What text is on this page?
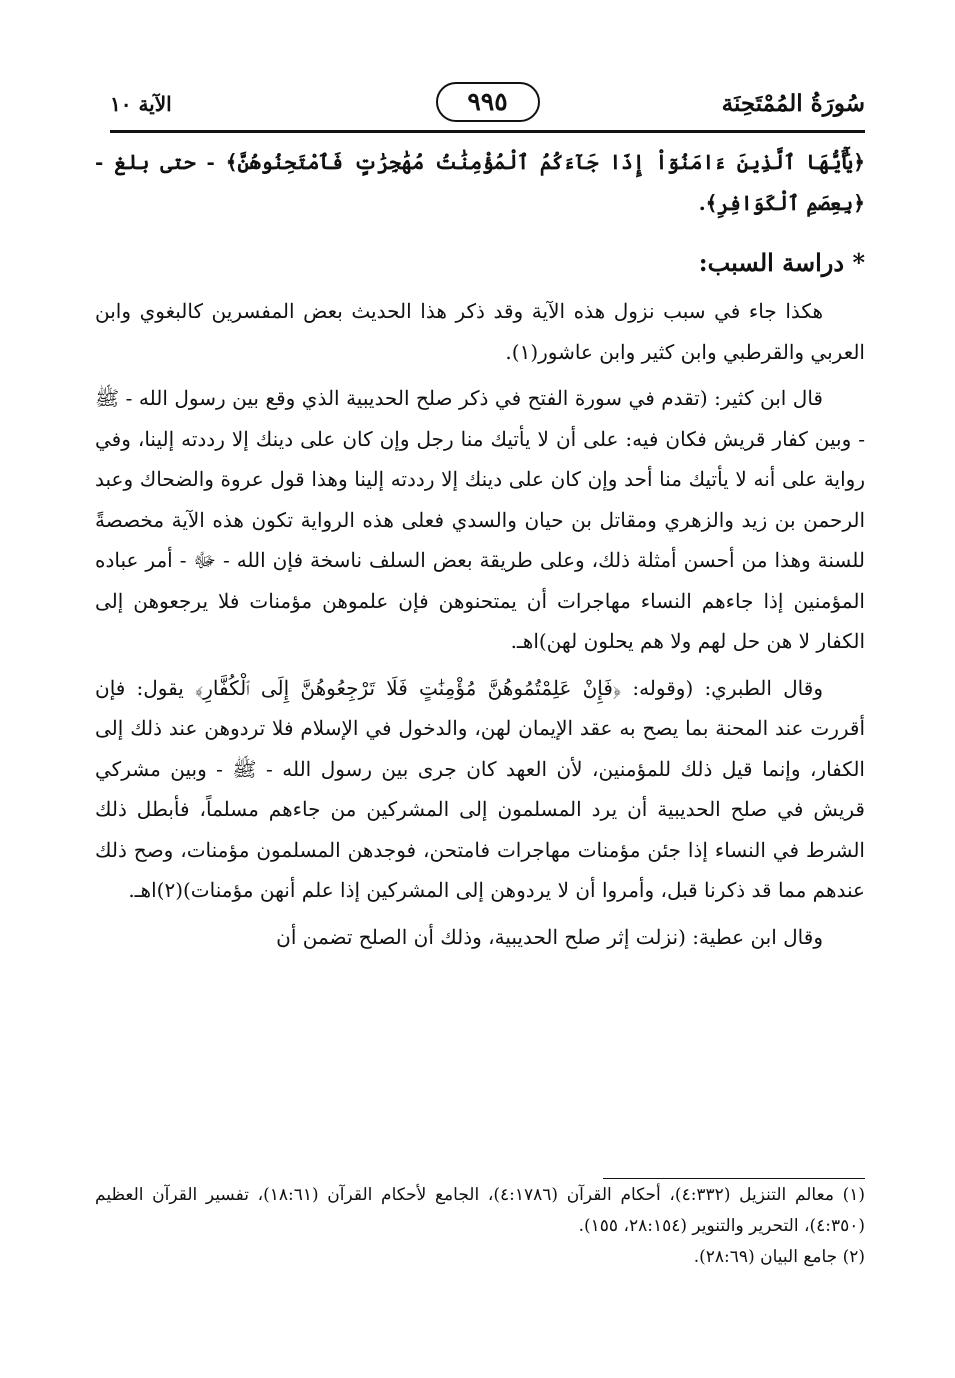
سُورَةُ المُمْتَحِنَة
٩٩٥
الآية ١٠

﴿يَٰٓأَيُّهَا ٱلَّذِينَ ءَامَنُوٓاْ إِذَا جَآءَكُمُ ٱلْمُؤْمِنَٰتُ مُهَٰجِرَٰتٍ فَٱمْتَحِنُوهُنَّ﴾ - حتى بلغ - ﴿بِعِصَمِ ٱلْكَوَافِرِ﴾.

* دراسة السبب:

هكذا جاء في سبب نزول هذه الآية وقد ذكر هذا الحديث بعض المفسرين كالبغوي وابن العربي والقرطبي وابن كثير وابن عاشور(١).

قال ابن كثير: (تقدم في سورة الفتح في ذكر صلح الحديبية الذي وقع بين رسول الله - ﷺ - وبين كفار قريش فكان فيه: على أن لا يأتيك منا رجل وإن كان على دينك إلا رددته إلينا، وفي رواية على أنه لا يأتيك منا أحد وإن كان على دينك إلا رددته إلينا وهذا قول عروة والضحاك وعبد الرحمن بن زيد والزهري ومقاتل بن حيان والسدي فعلى هذه الرواية تكون هذه الآية مخصصةً للسنة وهذا من أحسن أمثلة ذلك، وعلى طريقة بعض السلف ناسخة فإن الله - ﷻ - أمر عباده المؤمنين إذا جاءهم النساء مهاجرات أن يمتحنوهن فإن علموهن مؤمنات فلا يرجعوهن إلى الكفار لا هن حل لهم ولا هم يحلون لهن)اهـ.

وقال الطبري: (وقوله: ﴿فَإِنْ عَلِمْتُمُوهُنَّ مُؤْمِنَٰتٍ فَلَا تَرْجِعُوهُنَّ إِلَى ٱلْكُفَّارِ﴾ يقول: فإن أقررت عند المحنة بما يصح به عقد الإيمان لهن، والدخول في الإسلام فلا تردوهن عند ذلك إلى الكفار، وإنما قيل ذلك للمؤمنين، لأن العهد كان جرى بين رسول الله - ﷺ - وبين مشركي قريش في صلح الحديبية أن يرد المسلمون إلى المشركين من جاءهم مسلماً، فأبطل ذلك الشرط في النساء إذا جئن مؤمنات مهاجرات فامتحن، فوجدهن المسلمون مؤمنات، وصح ذلك عندهم مما قد ذكرنا قبل، وأمروا أن لا يردوهن إلى المشركين إذا علم أنهن مؤمنات)(٢)اهـ.

وقال ابن عطية: (نزلت إثر صلح الحديبية، وذلك أن الصلح تضمن أن

(١) معالم التنزيل (٤:٣٣٢)، أحكام القرآن (٤:١٧٨٦)، الجامع لأحكام القرآن (١٨:٦١)، تفسير القرآن العظيم (٤:٣٥٠)، التحرير والتنوير (٢٨:١٥٤، ١٥٥).

(٢) جامع البيان (٢٨:٦٩).
